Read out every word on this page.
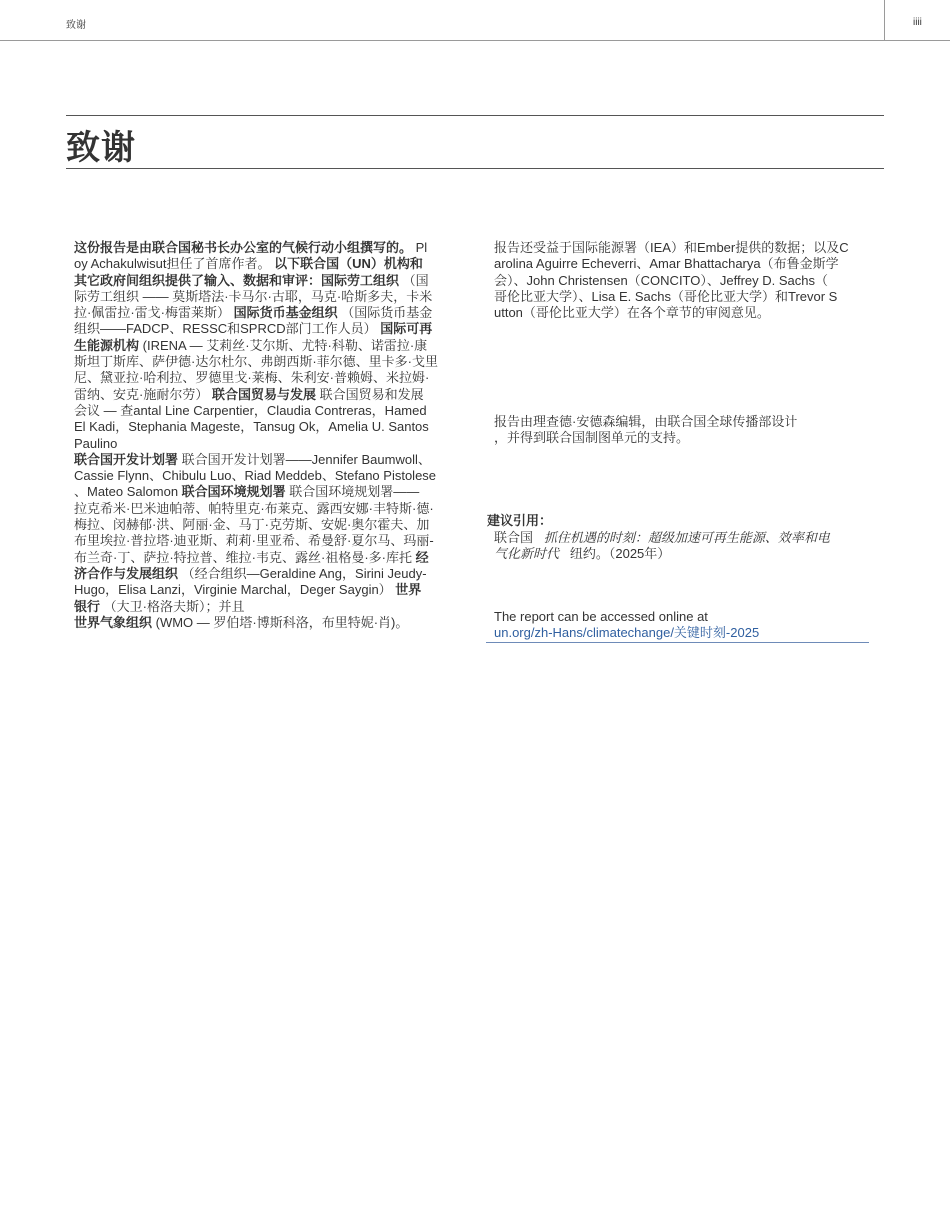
致谢	iiii
致谢
这份报告是由联合国秘书长办公室的气候行动小组撰写的。 Pl
oy Achakulwisut担任了首席作者。 以下联合国（UN）机构和
其它政府间组织提供了输入、数据和审评：国际劳工组织 （国
际劳工组织 —— 莫斯塔法·卡马尔·古耶，马克·哈斯多夫，卡米
拉·佩雷拉·雷戈·梅雷莱斯） 国际货币基金组织 （国际货币基金
组织——FADCP、RESSC和SPRCD部门工作人员） 国际可再
生能源机构 (IRENA — 艾莉丝·艾尔斯、尤特·科勒、诺雷拉·康
斯坦丁斯库、萨伊德·达尔杜尔、弗朗西斯·菲尔德、里卡多·戈里
尼、黛亚拉·哈利拉、罗德里戈·莱梅、朱利安·普赖姆、米拉姆·
雷纳、安克·施耐尔劳） 联合国贸易与发展 联合国贸易和发展
会议 — 查antal Line Carpentier，Claudia Contreras，Hamed
El Kadi，Stephania Mageste，Tansug Ok，Amelia U. Santos
Paulino
联合国开发计划署 联合国开发计划署——Jennifer Baumwoll、
Cassie Flynn、Chibulu Luo、Riad Meddeb、Stefano Pistolese
、Mateo Salomon 联合国环境规划署 联合国环境规划署——
拉克希米·巴米迪帕蒂、帕特里克·布莱克、露西安娜·丰特斯·德·
梅拉、闵赫郁·洪、阿丽·金、马丁·克劳斯、安妮·奥尔霍夫、加
布里埃拉·普拉塔·迪亚斯、莉莉·里亚希、希曼舒·夏尔马、玛丽-
布兰奇·丁、萨拉·特拉普、维拉·韦克、露丝·祖格曼·多·库托 经
济合作与发展组织 （经合组织—Geraldine Ang，Sirini Jeudy-
Hugo，Elisa Lanzi，Virginie Marchal，Deger Saygin） 世界
银行 （大卫·格洛夫斯）；并且
世界气象组织 (WMO — 罗伯塔·博斯科洛，布里特妮·肖)。
报告还受益于国际能源署（IEA）和Ember提供的数据；以及C
arolina Aguirre Echeverri、Amar Bhattacharya（布鲁金斯学
会）、John Christensen（CONCITO）、Jeffrey D. Sachs（
哥伦比亚大学）、Lisa E. Sachs（哥伦比亚大学）和Trevor S
utton（哥伦比亚大学）在各个章节的审阅意见。
报告由理查德·安德森编辑，由联合国全球传播部设计
，并得到联合国制图单元的支持。
建议引用：
联合国 抓住机遇的时刻：超级加速可再生能源、效率和电
气化新时代 纽约。（2025年）
The report can be accessed online at
un.org/zh-Hans/climatechange/关键时刻-2025
